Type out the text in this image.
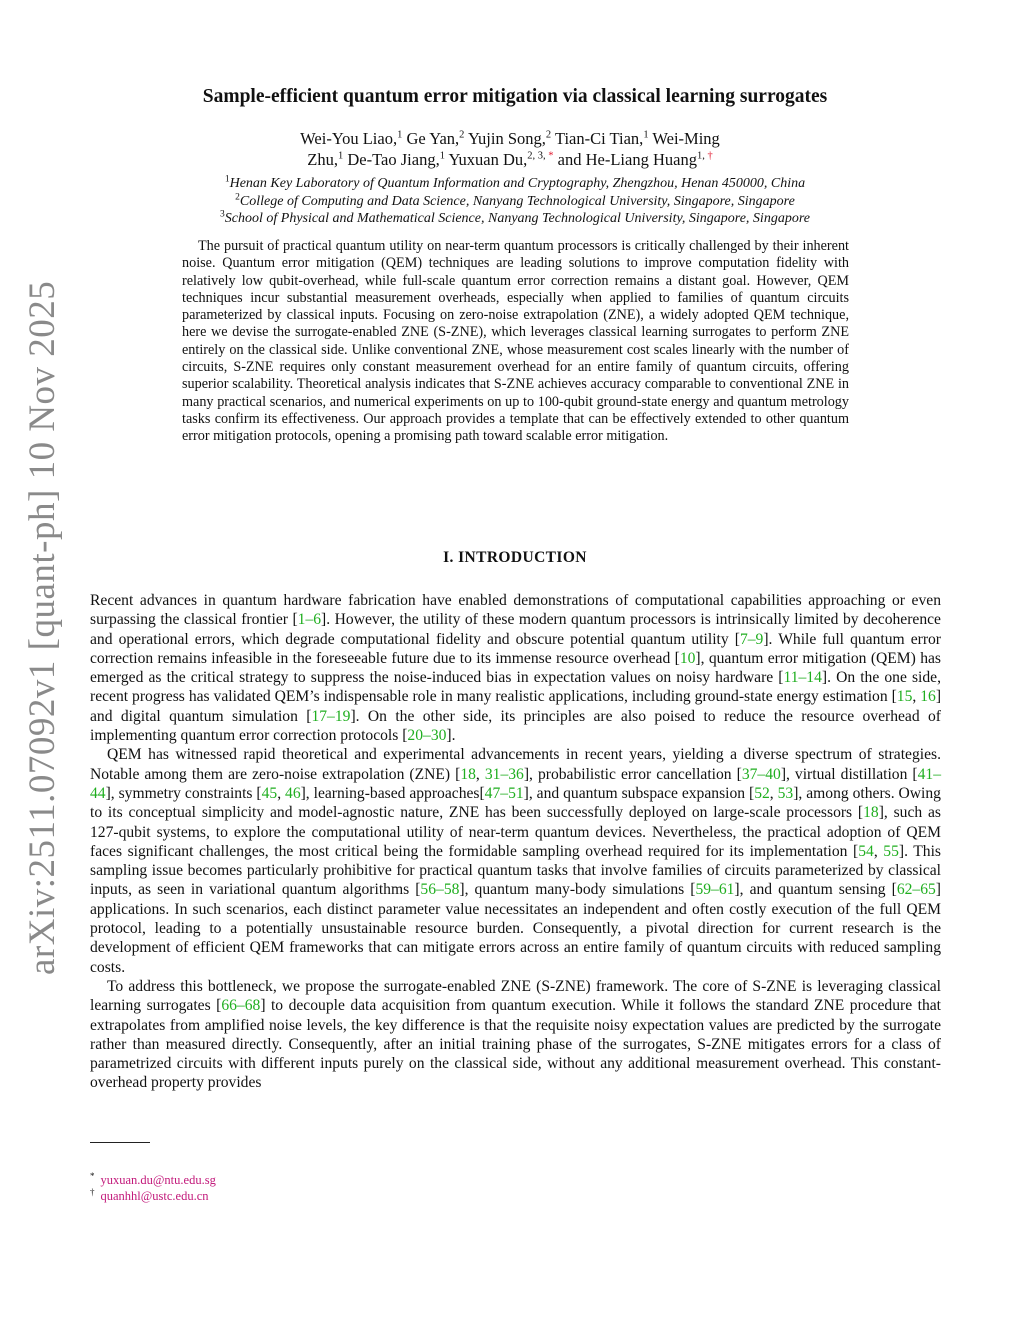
arXiv:2511.07092v1 [quant-ph] 10 Nov 2025
Sample-efficient quantum error mitigation via classical learning surrogates
Wei-You Liao,$^1$ Ge Yan,$^2$ Yujin Song,$^2$ Tian-Ci Tian,$^1$ Wei-Ming
Zhu,$^1$ De-Tao Jiang,$^1$ Yuxuan Du,$^{2, 3, *}$ and He-Liang Huang$^{1, \dagger}$
$^1$Henan Key Laboratory of Quantum Information and Cryptography, Zhengzhou, Henan 450000, China
$^2$College of Computing and Data Science, Nanyang Technological University, Singapore, Singapore
$^3$School of Physical and Mathematical Science, Nanyang Technological University, Singapore, Singapore
The pursuit of practical quantum utility on near-term quantum processors is critically challenged by their inherent noise. Quantum error mitigation (QEM) techniques are leading solutions to improve computation fidelity with relatively low qubit-overhead, while full-scale quantum error correction remains a distant goal. However, QEM techniques incur substantial measurement overheads, especially when applied to families of quantum circuits parameterized by classical inputs. Focusing on zero-noise extrapolation (ZNE), a widely adopted QEM technique, here we devise the surrogate-enabled ZNE (S-ZNE), which leverages classical learning surrogates to perform ZNE entirely on the classical side. Unlike conventional ZNE, whose measurement cost scales linearly with the number of circuits, S-ZNE requires only constant measurement overhead for an entire family of quantum circuits, offering superior scalability. Theoretical analysis indicates that S-ZNE achieves accuracy comparable to conventional ZNE in many practical scenarios, and numerical experiments on up to 100-qubit ground-state energy and quantum metrology tasks confirm its effectiveness. Our approach provides a template that can be effectively extended to other quantum error mitigation protocols, opening a promising path toward scalable error mitigation.
I. INTRODUCTION

Recent advances in quantum hardware fabrication have enabled demonstrations of computational capabilities approaching or even surpassing the classical frontier [1–6]. However, the utility of these modern quantum processors is intrinsically limited by decoherence and operational errors, which degrade computational fidelity and obscure potential quantum utility [7–9]. While full quantum error correction remains infeasible in the foreseeable future due to its immense resource overhead [10], quantum error mitigation (QEM) has emerged as the critical strategy to suppress the noise-induced bias in expectation values on noisy hardware [11–14]. On the one side, recent progress has validated QEM’s indispensable role in many realistic applications, including ground-state energy estimation [15, 16] and digital quantum simulation [17–19]. On the other side, its principles are also poised to reduce the resource overhead of implementing quantum error correction protocols [20–30].

QEM has witnessed rapid theoretical and experimental advancements in recent years, yielding a diverse spectrum of strategies. Notable among them are zero-noise extrapolation (ZNE) [18, 31–36], probabilistic error cancellation [37–40], virtual distillation [41–44], symmetry constraints [45, 46], learning-based approaches[47–51], and quantum subspace expansion [52, 53], among others. Owing to its conceptual simplicity and model-agnostic nature, ZNE has been successfully deployed on large-scale processors [18], such as 127-qubit systems, to explore the computational utility of near-term quantum devices. Nevertheless, the practical adoption of QEM faces significant challenges, the most critical being the formidable sampling overhead required for its implementation [54, 55]. This sampling issue becomes particularly prohibitive for practical quantum tasks that involve families of circuits parameterized by classical inputs, as seen in variational quantum algorithms [56–58], quantum many-body simulations [59–61], and quantum sensing [62–65] applications. In such scenarios, each distinct parameter value necessitates an independent and often costly execution of the full QEM protocol, leading to a potentially unsustainable resource burden. Consequently, a pivotal direction for current research is the development of efficient QEM frameworks that can mitigate errors across an entire family of quantum circuits with reduced sampling costs.

To address this bottleneck, we propose the surrogate-enabled ZNE (S-ZNE) framework. The core of S-ZNE is leveraging classical learning surrogates [66–68] to decouple data acquisition from quantum execution. While it follows the standard ZNE procedure that extrapolates from amplified noise levels, the key difference is that the requisite noisy expectation values are predicted by the surrogate rather than measured directly. Consequently, after an initial training phase of the surrogates, S-ZNE mitigates errors for a class of parametrized circuits with different inputs purely on the classical side, without any additional measurement overhead. This constant-overhead property provides

* yuxuan.du@ntu.edu.sg
† quanhhl@ustc.edu.cn
